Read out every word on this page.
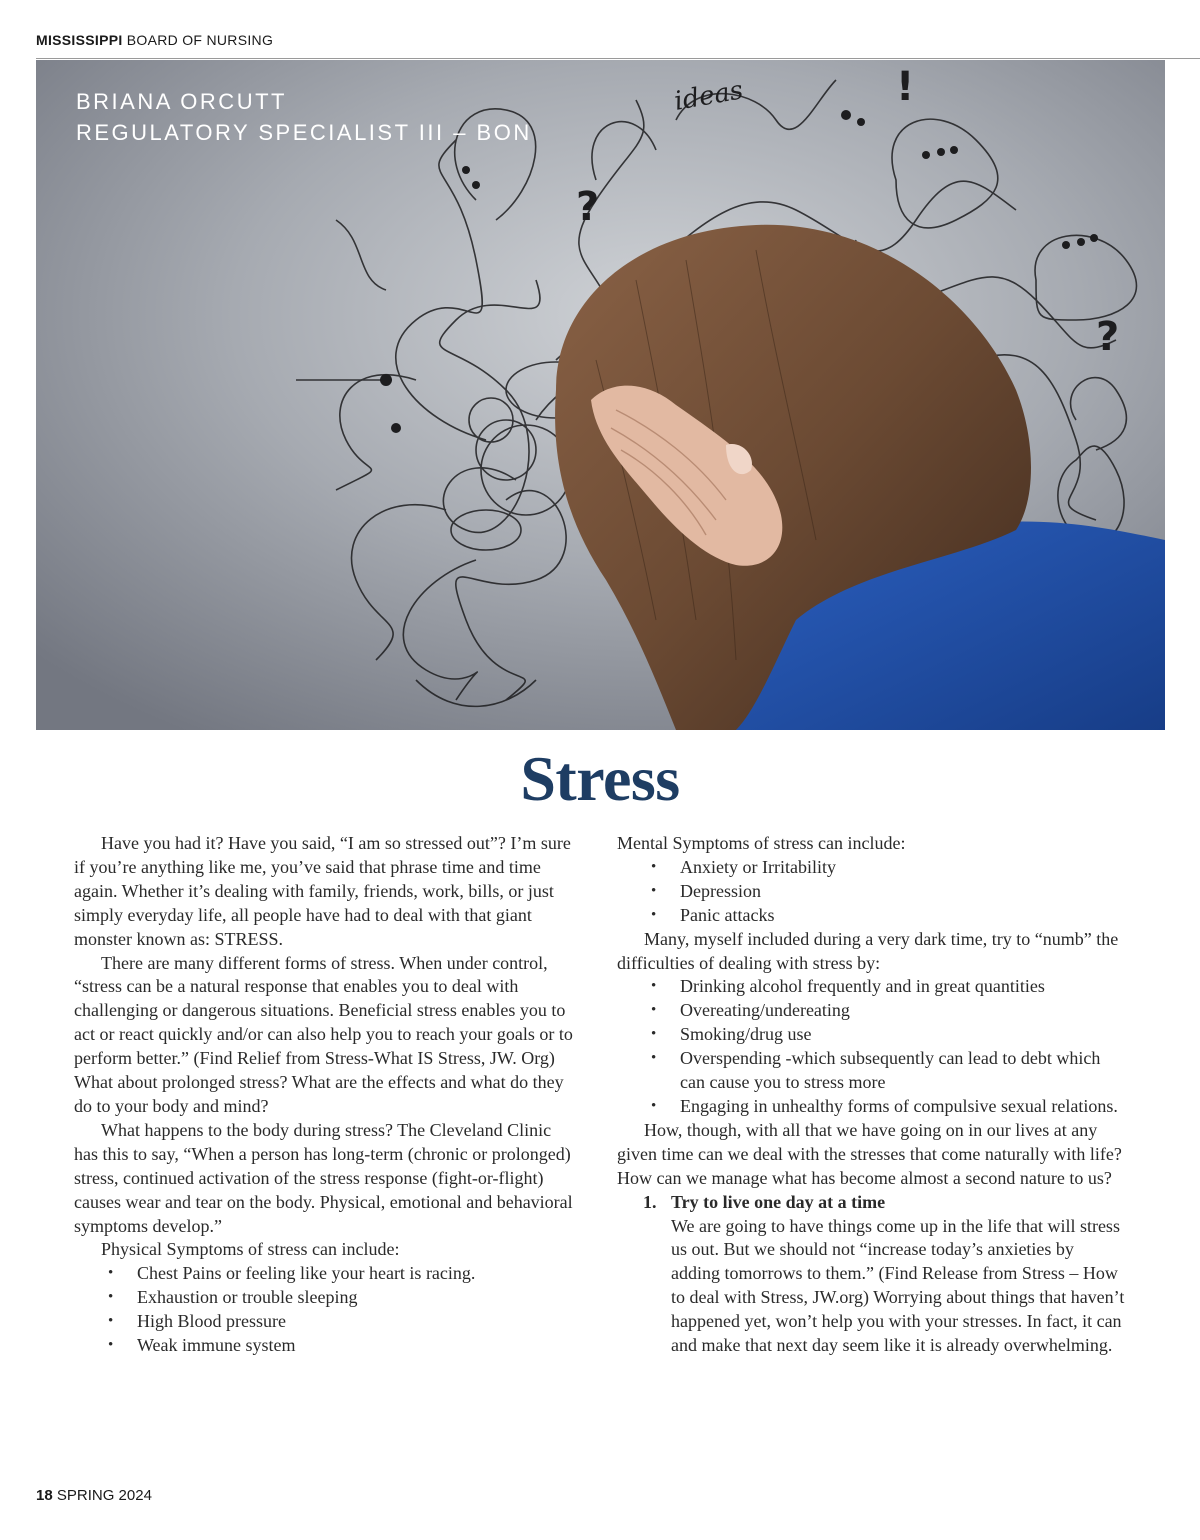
MISSISSIPPI BOARD OF NURSING
ideas
?
?
!
BRIANA ORCUTT
REGULATORY SPECIALIST III – BON
Stress

Have you had it? Have you said, “I am so stressed out”? I’m sure if you’re anything like me, you’ve said that phrase time and time again. Whether it’s dealing with family, friends, work, bills, or just simply everyday life, all people have had to deal with that giant monster known as: STRESS.

There are many different forms of stress. When under control, “stress can be a natural response that enables you to deal with challenging or dangerous situations. Beneficial stress enables you to act or react quickly and/or can also help you to reach your goals or to perform better.” (Find Relief from Stress-What IS Stress, JW. Org) What about prolonged stress? What are the effects and what do they do to your body and mind?

What happens to the body during stress? The Cleveland Clinic has this to say, “When a person has long-term (chronic or prolonged) stress, continued activation of the stress response (fight-or-flight) causes wear and tear on the body. Physical, emotional and behavioral symptoms develop.”

Physical Symptoms of stress can include:

• Chest Pains or feeling like your heart is racing.
• Exhaustion or trouble sleeping
• High Blood pressure
• Weak immune system

Mental Symptoms of stress can include:

• Anxiety or Irritability
• Depression
• Panic attacks

Many, myself included during a very dark time, try to “numb” the difficulties of dealing with stress by:

• Drinking alcohol frequently and in great quantities
• Overeating/undereating
• Smoking/drug use
• Overspending -which subsequently can lead to debt which can cause you to stress more
• Engaging in unhealthy forms of compulsive sexual relations.

How, though, with all that we have going on in our lives at any given time can we deal with the stresses that come naturally with life? How can we manage what has become almost a second nature to us?

1. Try to live one day at a time
We are going to have things come up in the life that will stress us out. But we should not “increase today’s anxieties by adding tomorrows to them.” (Find Release from Stress – How to deal with Stress, JW.org) Worrying about things that haven’t happened yet, won’t help you with your stresses. In fact, it can and make that next day seem like it is already overwhelming.
18 SPRING 2024
